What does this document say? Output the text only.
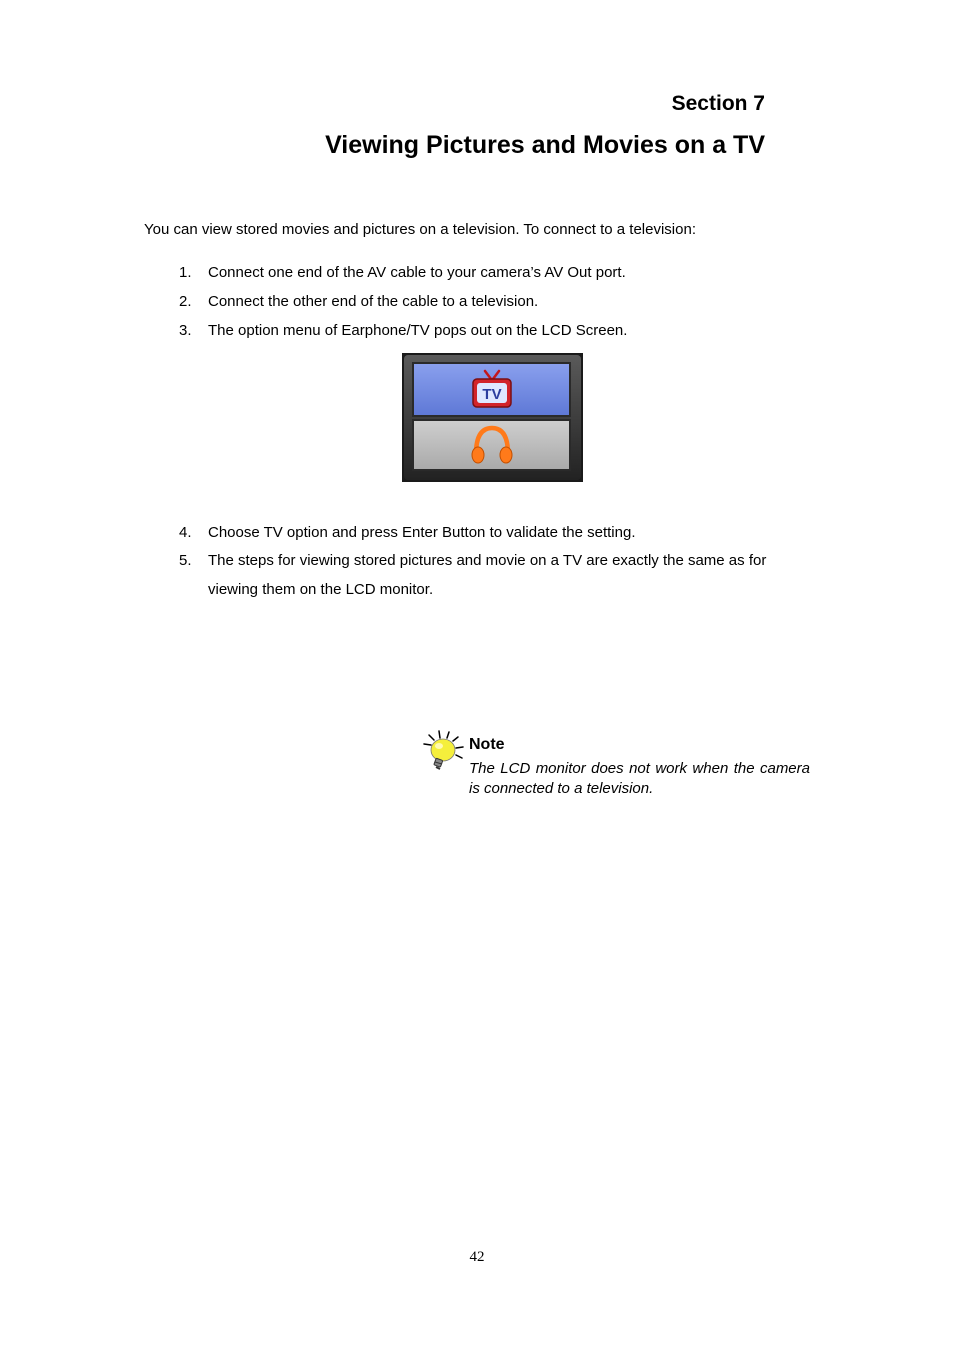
Section 7
Viewing Pictures and Movies on a TV
You can view stored movies and pictures on a television. To connect to a television:
1. Connect one end of the AV cable to your camera’s AV Out port.
2. Connect the other end of the cable to a television.
3. The option menu of Earphone/TV pops out on the LCD Screen.
TV
4. Choose TV option and press Enter Button to validate the setting.
5. The steps for viewing stored pictures and movie on a TV are exactly the same as for viewing them on the LCD monitor.
Note
The LCD monitor does not work when the camera is connected to a television.
42
